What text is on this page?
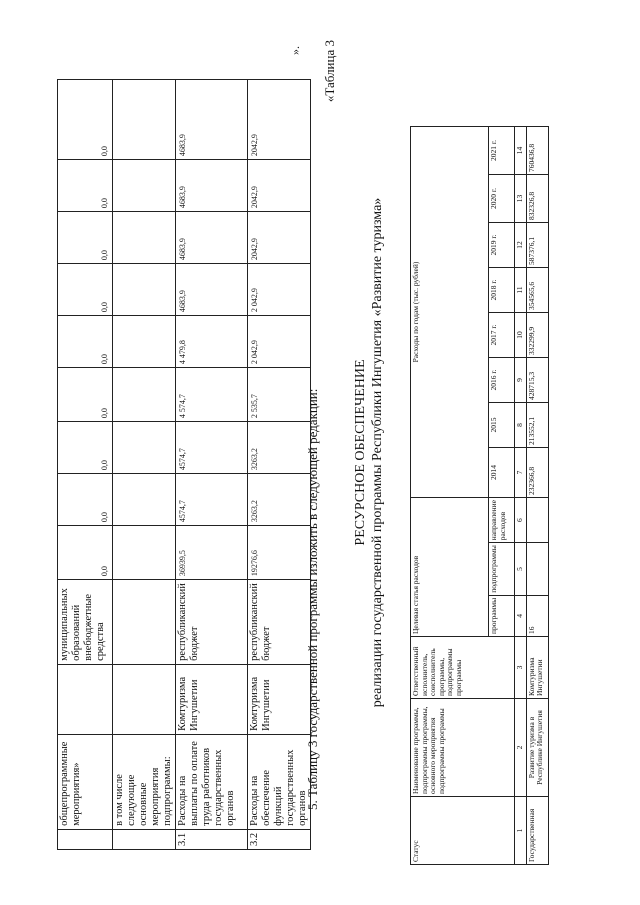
	общепрограммные мероприятия»		муниципальных образований внебюджетные средства	0,0	0,0	0,0	0,0	0,0	0,0	0,0	0,0	0,0
	в том числе следующие основные мероприятия подпрограммы:											
3.1	Расходы на выплаты по оплате труда работников государственных органов	Комтуризма Ингушетии	республиканский бюджет	36939,5	4574,7	4574,7	4 574,7	4 479,8	4683,9	4683,9	4683,9	4683,9
3.2	Расходы на обеспечение функций государственных органов	Комтуризма Ингушетии	республиканский бюджет	19276,6	3263,2	3263,2	2 535,7	2 042,9	2 042,9	2042,9	2042,9	2042,9
».
5. Таблицу 3 государственной программы изложить в следующей редакции:
«Таблица 3
РЕСУРСНОЕ ОБЕСПЕЧЕНИЕ реализации государственной программы Республики Ингушетия «Развитие туризма»
Статус	Наименование программы, подпрограммы программы, основного мероприятия подпрограммы программы	Ответственный исполнитель, соисполнитель программы, подпрограммы программы	Целевая статья расходов			Расходы по годам (тыс. рублей)							
			программы	подпрограммы	направление расходов	2014	2015	2016 г.	2017 г.	2018 г.	2019 г.	2020 г.	2021 г.
1	2	3	4	5	6	7	8	9	10	11	12	13	14
Государственная	Развитие туризма в Республике Ингушетия	Комтуризма Ингушетии	16			232366,8	213552,1	428715,3	332299,9	354565,6	587376,1	832326,8	760436,8
